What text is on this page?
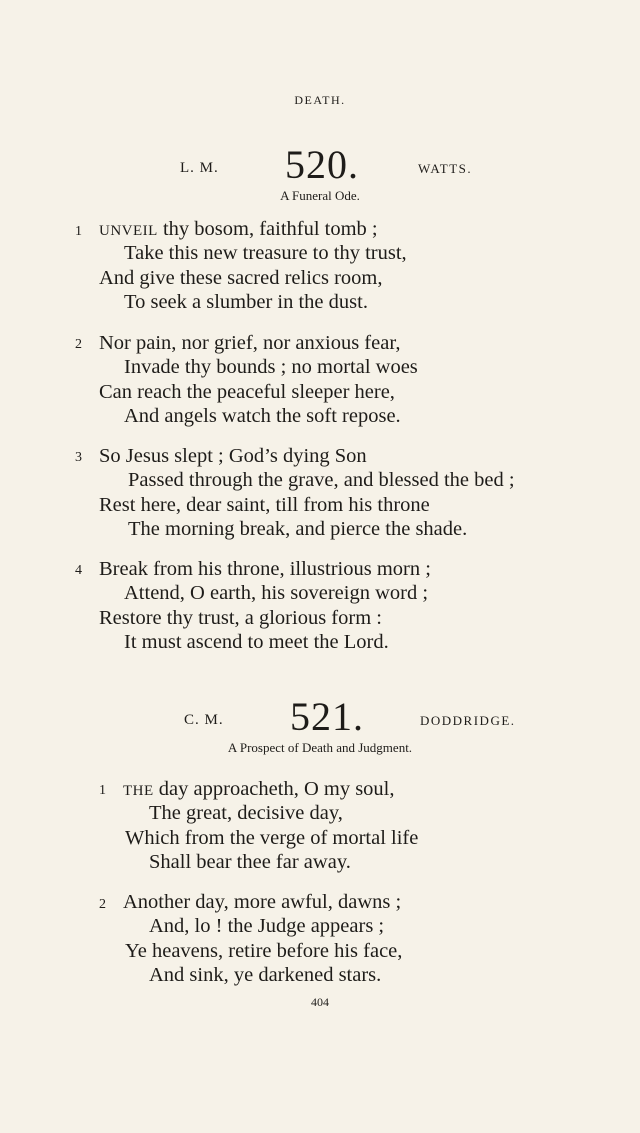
DEATH.
L. M. 520.	WATTS.
A Funeral Ode.
1 UNVEIL thy bosom, faithful tomb ;
Take this new treasure to thy trust,
And give these sacred relics room,
To seek a slumber in the dust.
2 Nor pain, nor grief, nor anxious fear,
Invade thy bounds ; no mortal woes
Can reach the peaceful sleeper here,
And angels watch the soft repose.
3 So Jesus slept ; God’s dying Son
Passed through the grave, and blessed the bed ;
Rest here, dear saint, till from his throne
The morning break, and pierce the shade.
4 Break from his throne, illustrious morn ;
Attend, O earth, his sovereign word ;
Restore thy trust, a glorious form :
It must ascend to meet the Lord.
C. M. 521.	DODDRIDGE.
A Prospect of Death and Judgment.
1 THE day approacheth, O my soul,
The great, decisive day,
Which from the verge of mortal life
Shall bear thee far away.
2 Another day, more awful, dawns ;
And, lo ! the Judge appears ;
Ye heavens, retire before his face,
And sink, ye darkened stars.
404
